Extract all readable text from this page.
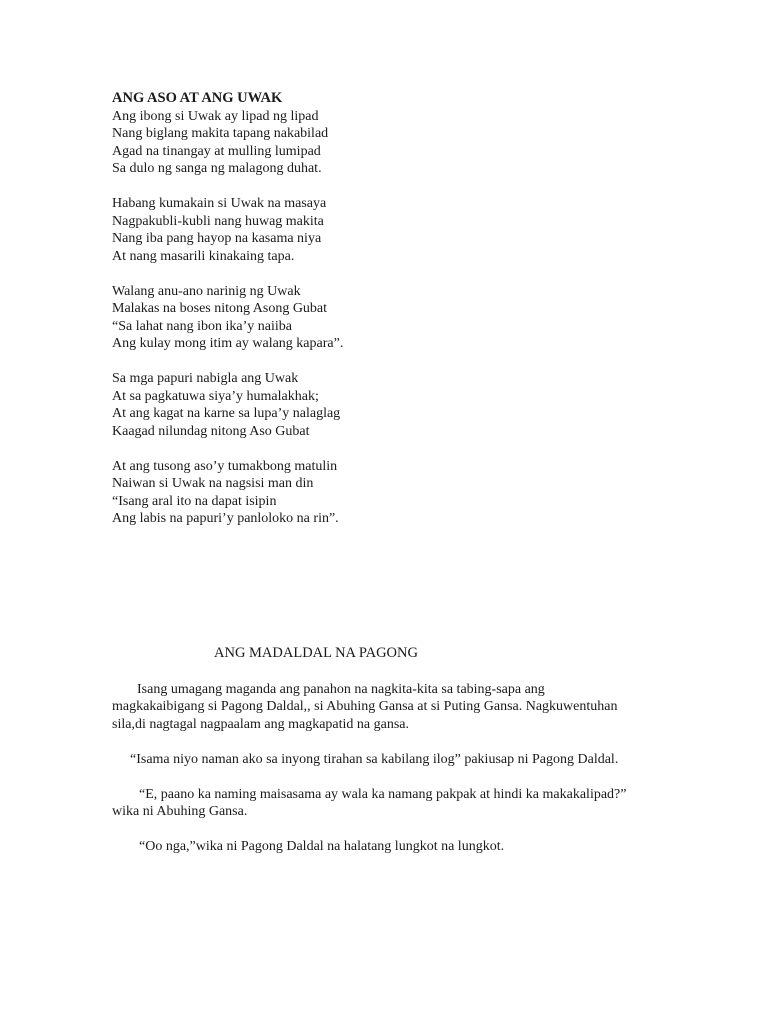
ANG ASO AT ANG UWAK
Ang ibong si Uwak ay lipad ng lipad
Nang biglang makita tapang nakabilad
Agad na tinangay at mulling lumipad
Sa dulo ng sanga ng malagong duhat.
Habang kumakain si Uwak na masaya
Nagpakubli-kubli nang huwag makita
Nang iba pang hayop na kasama niya
At nang masarili kinakaing tapa.
Walang anu-ano narinig ng Uwak
Malakas na boses nitong Asong Gubat
“Sa lahat nang ibon ika’y naiiba
Ang kulay mong itim ay walang kapara”.
Sa mga papuri nabigla ang Uwak
At sa pagkatuwa siya’y humalakhak;
At ang kagat na karne sa lupa’y nalaglag
Kaagad nilundag nitong Aso Gubat
At ang tusong aso’y tumakbong matulin
Naiwan si Uwak na nagsisi man din
“Isang aral ito na dapat isipin
Ang labis na papuri’y panloloko na rin”.
ANG MADALDAL NA PAGONG

Isang umagang maganda ang panahon na nagkita-kita sa tabing-sapa ang magkakaibigang si Pagong Daldal,, si Abuhing Gansa at si Puting Gansa. Nagkuwentuhan sila,di nagtagal nagpaalam ang magkapatid na gansa.

“Isama niyo naman ako sa inyong tirahan sa kabilang ilog” pakiusap ni Pagong Daldal.

“E, paano ka naming maisasama ay wala ka namang pakpak at hindi ka makakalipad?” wika ni Abuhing Gansa.

“Oo nga,”wika ni Pagong Daldal na halatang lungkot na lungkot.
